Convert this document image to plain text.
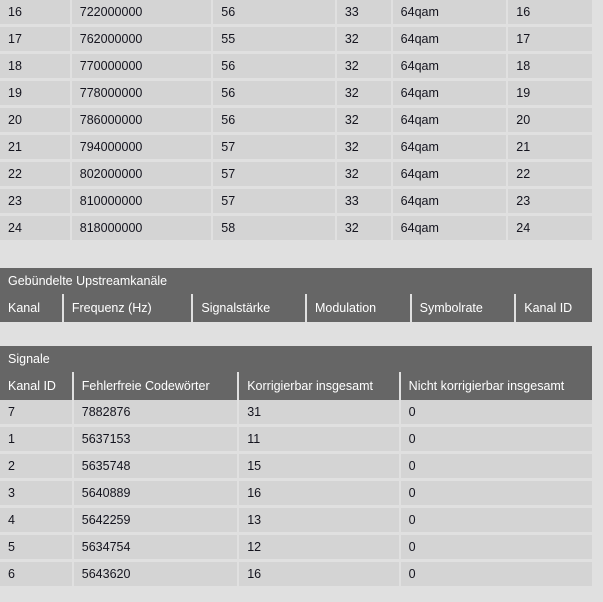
16	722000000	56	33	64qam	16
17	762000000	55	32	64qam	17
18	770000000	56	32	64qam	18
19	778000000	56	32	64qam	19
20	786000000	56	32	64qam	20
21	794000000	57	32	64qam	21
22	802000000	57	32	64qam	22
23	810000000	57	33	64qam	23
24	818000000	58	32	64qam	24
Gebündelte Upstreamkanäle
Kanal	Frequenz (Hz)	Signalstärke	Modulation	Symbolrate	Kanal ID
Signale
Kanal ID	Fehlerfreie Codewörter	Korrigierbar insgesamt	Nicht korrigierbar insgesamt
7	7882876	31	0
1	5637153	11	0
2	5635748	15	0
3	5640889	16	0
4	5642259	13	0
5	5634754	12	0
6	5643620	16	0
